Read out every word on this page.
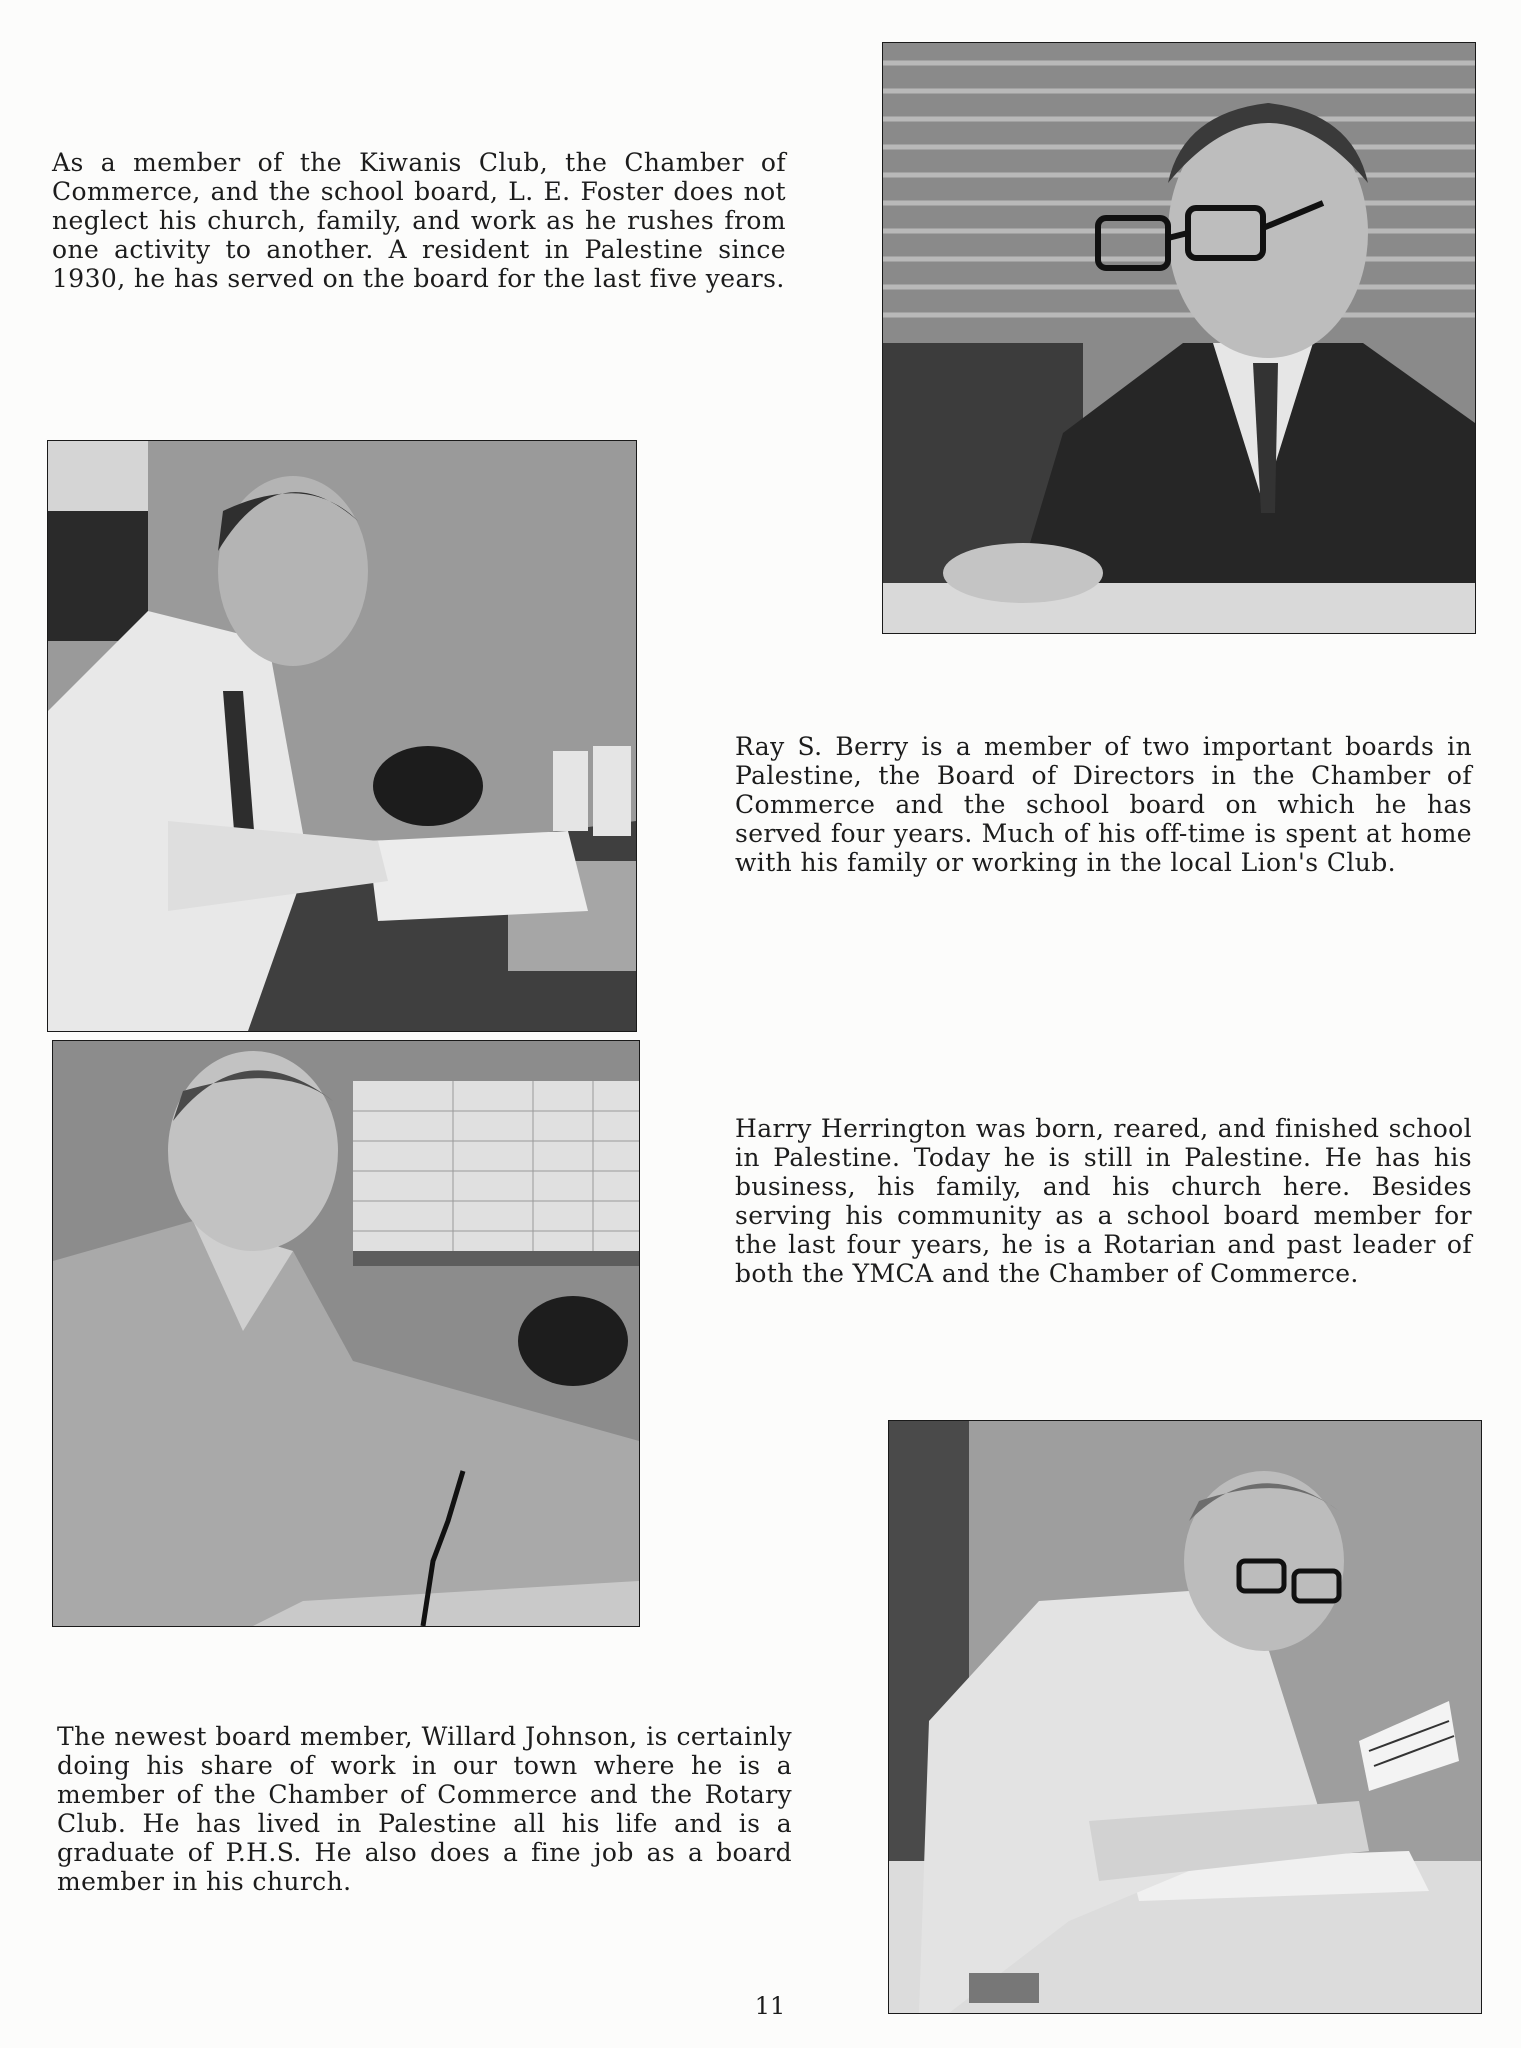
As a member of the Kiwanis Club, the Chamber of Commerce, and the school board, L. E. Foster does not neglect his church, family, and work as he rushes from one activity to another. A resident in Palestine since 1930, he has served on the board for the last five years.

Ray S. Berry is a member of two important boards in Palestine, the Board of Directors in the Chamber of Commerce and the school board on which he has served four years. Much of his off-time is spent at home with his family or working in the local Lion's Club.

Harry Herrington was born, reared, and finished school in Palestine. Today he is still in Palestine. He has his business, his family, and his church here. Besides serving his community as a school board member for the last four years, he is a Rotarian and past leader of both the YMCA and the Chamber of Commerce.

The newest board member, Willard Johnson, is certainly doing his share of work in our town where he is a member of the Chamber of Commerce and the Rotary Club. He has lived in Palestine all his life and is a graduate of P.H.S. He also does a fine job as a board member in his church.

11
